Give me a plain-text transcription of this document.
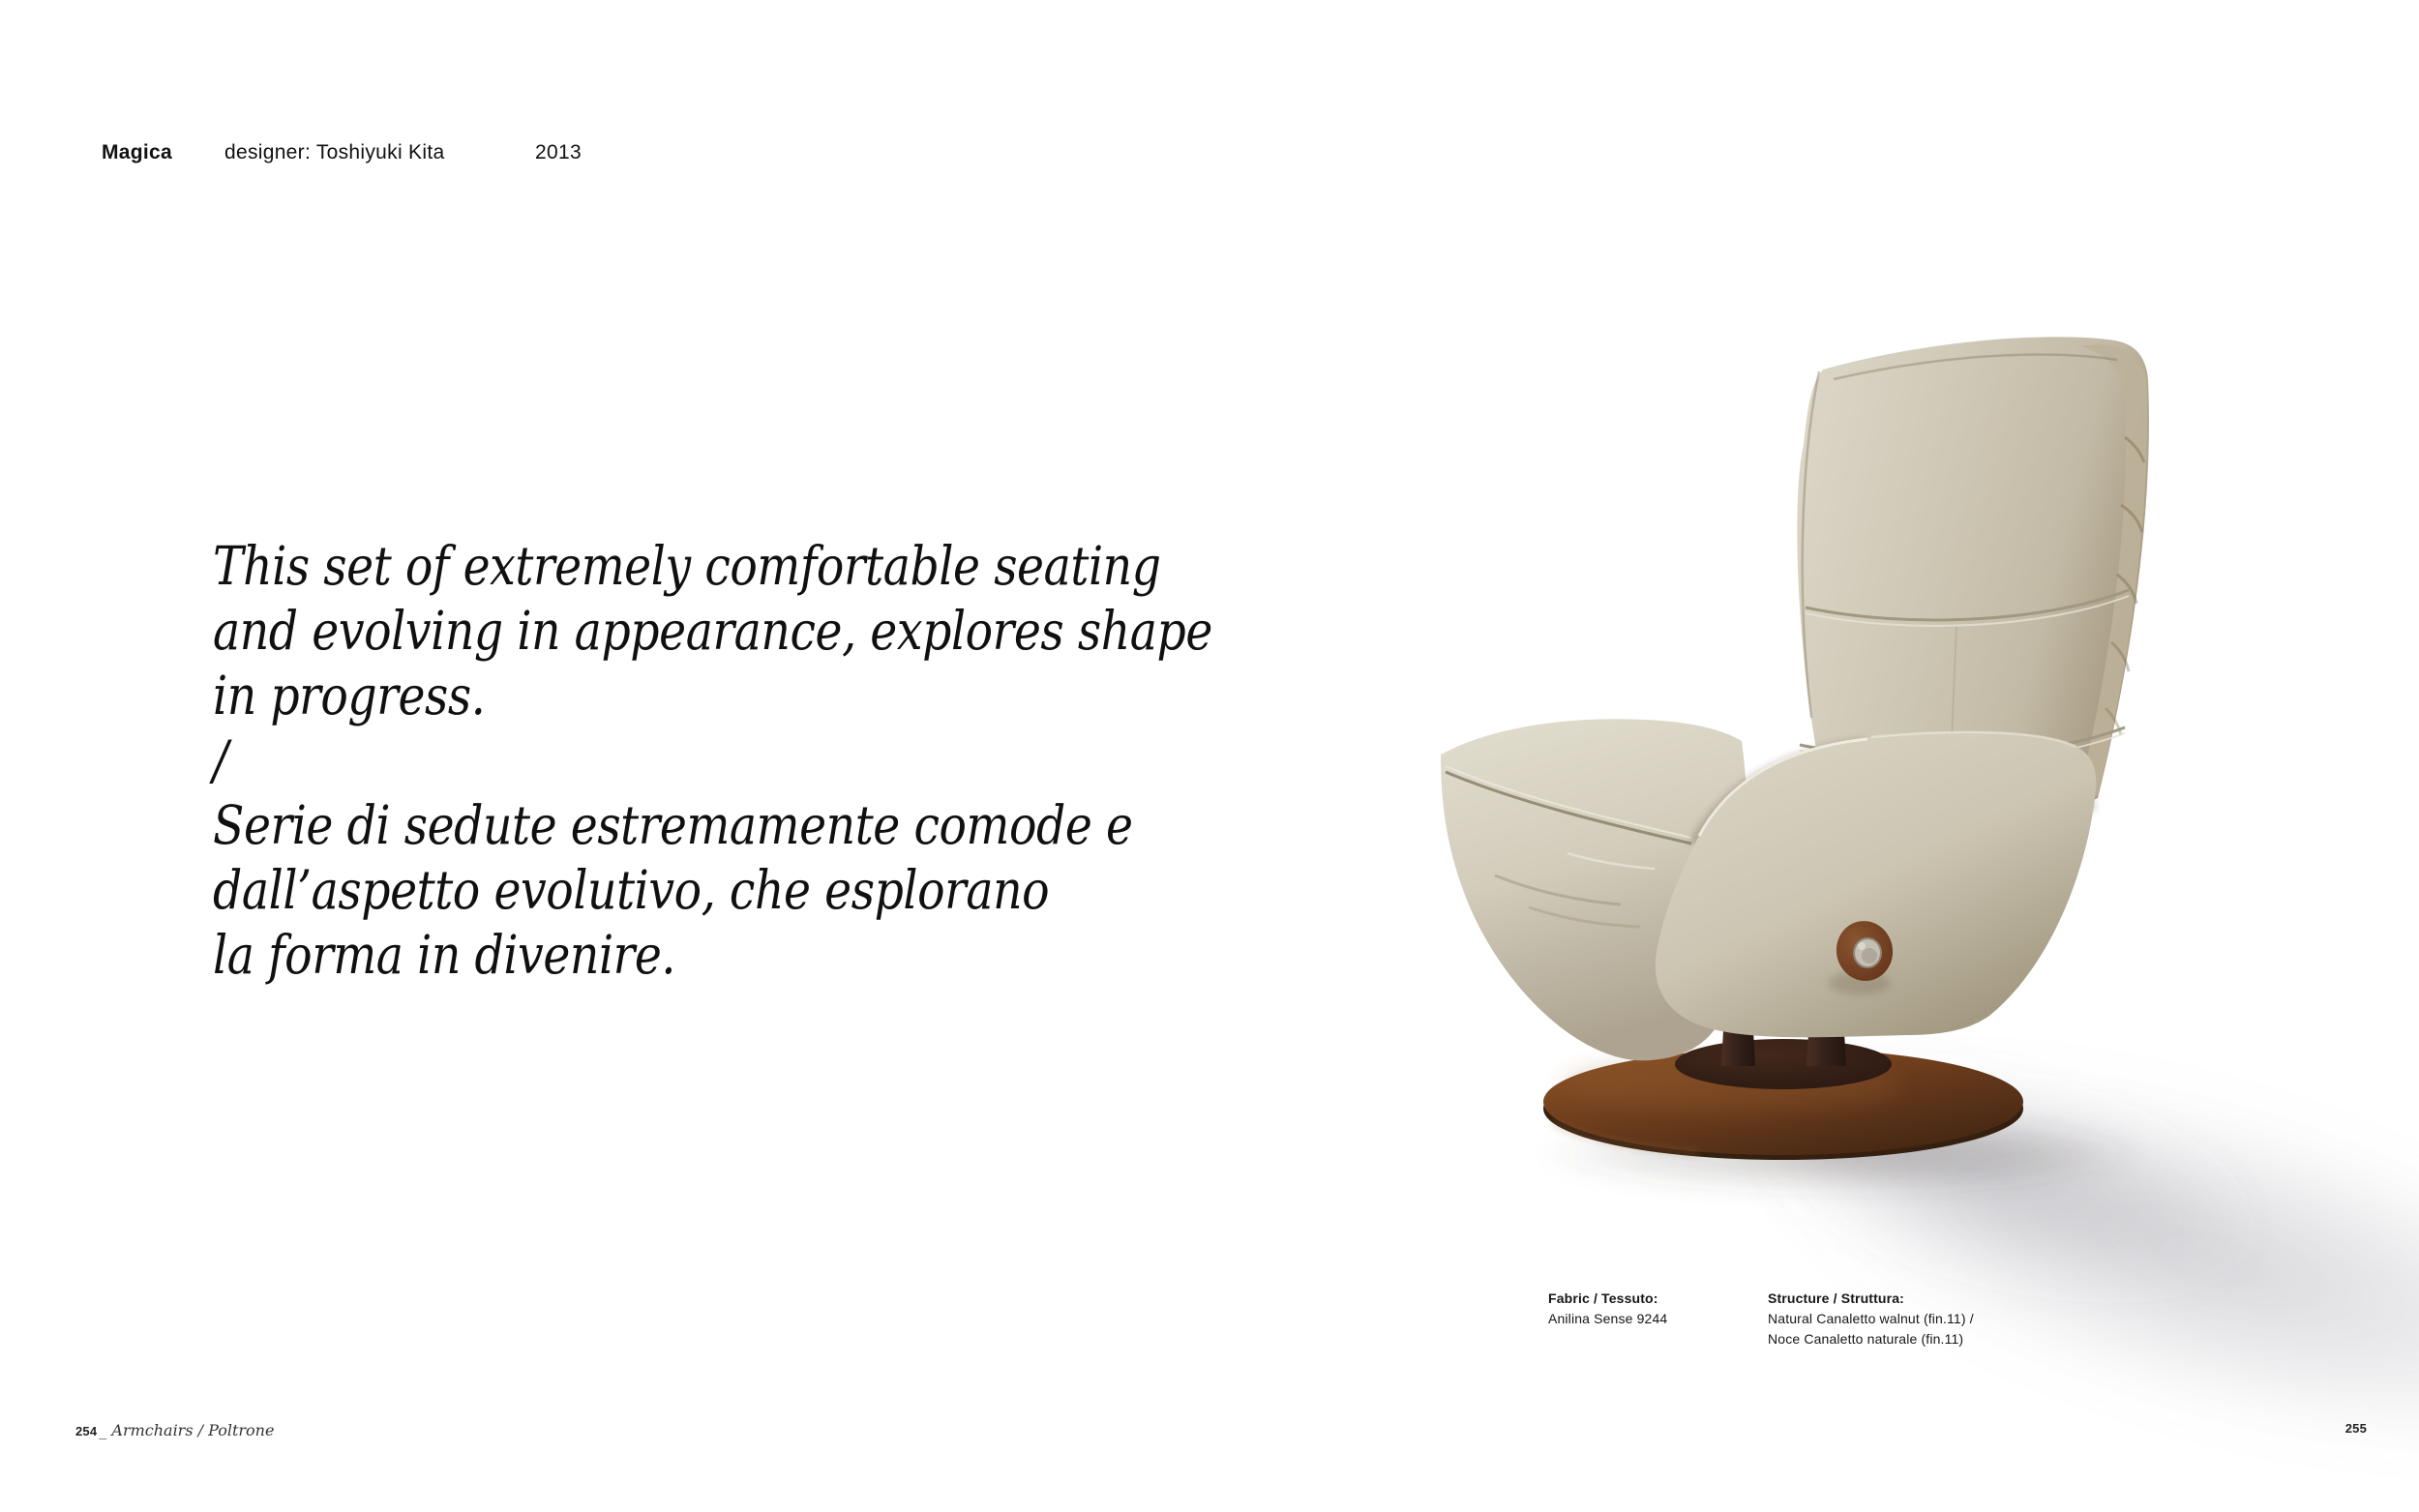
Magica	designer: Toshiyuki Kita	2013
This set of extremely comfortable seating
and evolving in appearance, explores shape
in progress.
/
Serie di sedute estremamente comode e
dall’aspetto evolutivo, che esplorano
la forma in divenire.
Fabric / Tessuto:
Anilina Sense 9244
Structure / Struttura:
Natural Canaletto walnut (fin.11) /
Noce Canaletto naturale (fin.11)
254 _ Armchairs / Poltrone	255
